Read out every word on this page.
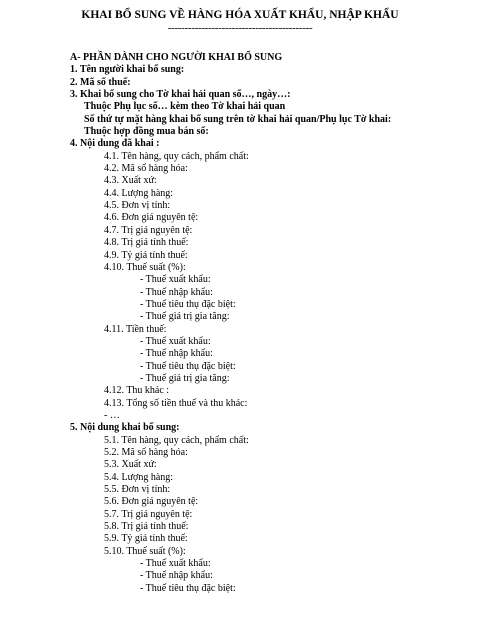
KHAI BỔ SUNG VỀ HÀNG HÓA XUẤT KHẨU, NHẬP KHẨU
-------------------------------------------
A- PHẦN DÀNH CHO NGƯỜI KHAI BỔ SUNG
1. Tên người khai bổ sung:
2. Mã số thuế:
3. Khai bổ sung cho Tờ khai hải quan số…, ngày…:
Thuộc Phụ lục số… kèm theo Tờ khai hải quan
Số thứ tự mặt hàng khai bổ sung trên tờ khai hải quan/Phụ lục Tờ khai:
Thuộc hợp đồng mua bán số:
4. Nội dung đã khai :
4.1. Tên hàng, quy cách, phẩm chất:
4.2. Mã số hàng hóa:
4.3. Xuất xứ:
4.4. Lượng hàng:
4.5. Đơn vị tính:
4.6. Đơn giá nguyên tệ:
4.7. Trị giá nguyên tệ:
4.8. Trị giá tính thuế:
4.9. Tỷ giá tính thuế:
4.10. Thuế suất (%):
- Thuế xuất khẩu:
- Thuế nhập khẩu:
- Thuế tiêu thụ đặc biệt:
- Thuế giá trị gia tăng:
4.11. Tiền thuế:
- Thuế xuất khẩu:
- Thuế nhập khẩu:
- Thuế tiêu thụ đặc biệt:
- Thuế giá trị gia tăng:
4.12. Thu khác :
4.13. Tổng số tiền thuế và thu khác:
- …
5. Nội dung khai bổ sung:
5.1. Tên hàng, quy cách, phẩm chất:
5.2. Mã số hàng hóa:
5.3. Xuất xứ:
5.4. Lượng hàng:
5.5. Đơn vị tính:
5.6. Đơn giá nguyên tệ:
5.7. Trị giá nguyên tệ:
5.8. Trị giá tính thuế:
5.9. Tỷ giá tính thuế:
5.10. Thuế suất (%):
- Thuế xuất khẩu:
- Thuế nhập khẩu:
- Thuế tiêu thụ đặc biệt:
